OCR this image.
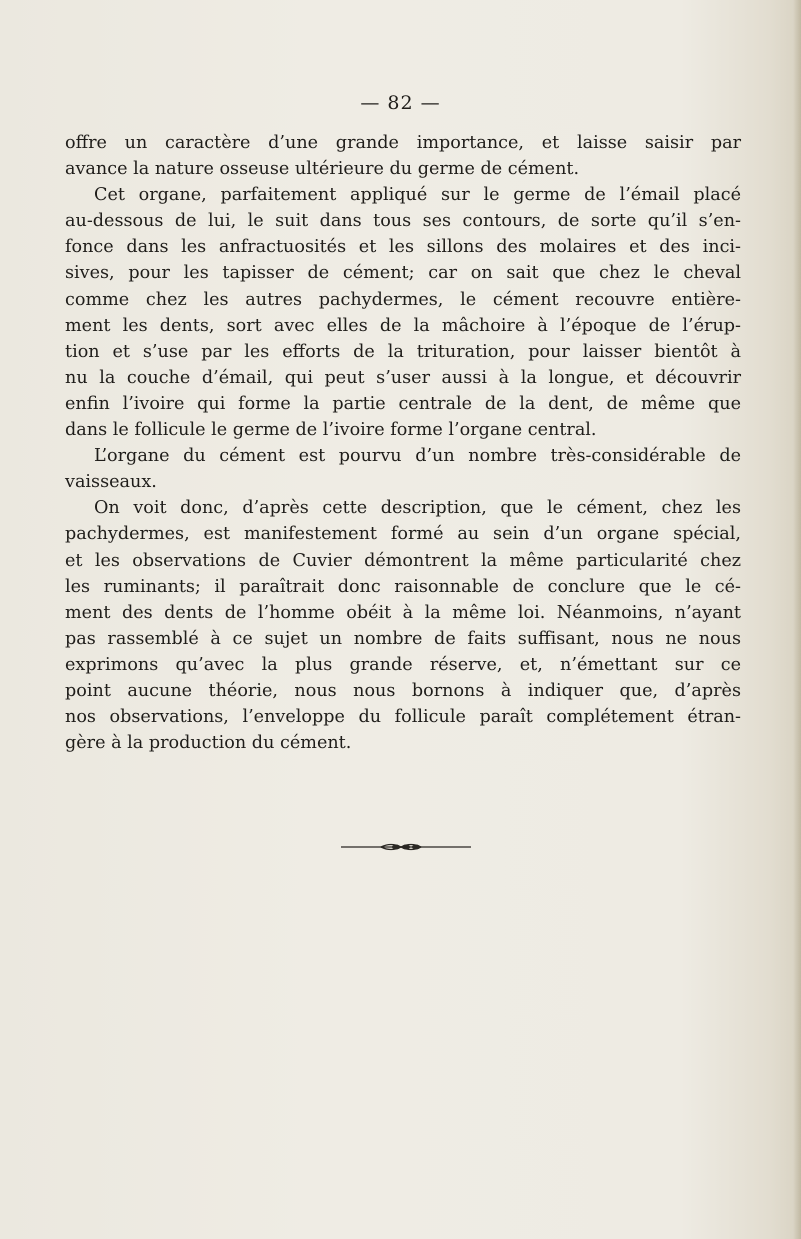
— 82 —
offre un caractère d’une grande importance, et laisse saisir par
avance la nature osseuse ultérieure du germe de cément.
Cet organe, parfaitement appliqué sur le germe de l’émail placé
au-dessous de lui, le suit dans tous ses contours, de sorte qu’il s’en-
fonce dans les anfractuosités et les sillons des molaires et des inci-
sives, pour les tapisser de cément; car on sait que chez le cheval
comme chez les autres pachydermes, le cément recouvre entière-
ment les dents, sort avec elles de la mâchoire à l’époque de l’érup-
tion et s’use par les efforts de la trituration, pour laisser bientôt à
nu la couche d’émail, qui peut s’user aussi à la longue, et découvrir
enfin l’ivoire qui forme la partie centrale de la dent, de même que
dans le follicule le germe de l’ivoire forme l’organe central.
L’organe du cément est pourvu d’un nombre très-considérable de
vaisseaux.
On voit donc, d’après cette description, que le cément, chez les
pachydermes, est manifestement formé au sein d’un organe spécial,
et les observations de Cuvier démontrent la même particularité chez
les ruminants; il paraîtrait donc raisonnable de conclure que le cé-
ment des dents de l’homme obéit à la même loi. Néanmoins, n’ayant
pas rassemblé à ce sujet un nombre de faits suffisant, nous ne nous
exprimons qu’avec la plus grande réserve, et, n’émettant sur ce
point aucune théorie, nous nous bornons à indiquer que, d’après
nos observations, l’enveloppe du follicule paraît complétement étran-
gère à la production du cément.
